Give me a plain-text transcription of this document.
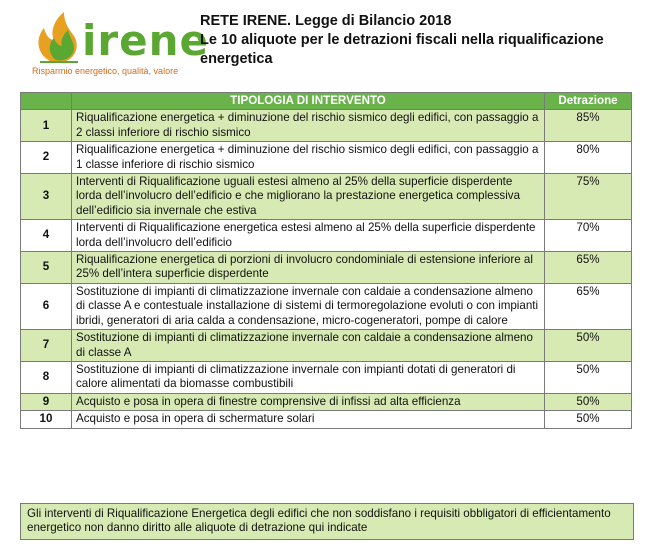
irene
Risparmio energetico, qualità, valore
RETE IRENE. Legge di Bilancio 2018
Le 10 aliquote per le detrazioni fiscali nella riqualificazione energetica
	TIPOLOGIA DI INTERVENTO	Detrazione
1	Riqualificazione energetica + diminuzione del rischio sismico degli edifici, con passaggio a 2 classi inferiore di rischio sismico	85%
2	Riqualificazione energetica + diminuzione del rischio sismico degli edifici, con passaggio a 1 classe inferiore di rischio sismico	80%
3	Interventi di Riqualificazione uguali estesi almeno al 25% della superficie disperdente lorda dell’involucro dell’edificio e che migliorano la prestazione energetica complessiva dell’edificio sia invernale che estiva	75%
4	Interventi di Riqualificazione energetica estesi almeno al 25% della superficie disperdente lorda dell’involucro dell’edificio	70%
5	Riqualificazione energetica di porzioni di involucro condominiale di estensione inferiore al 25% dell’intera superficie disperdente	65%
6	Sostituzione di impianti di climatizzazione invernale con caldaie a condensazione almeno di classe A e contestuale installazione di sistemi di termoregolazione evoluti o con impianti ibridi, generatori di aria calda a condensazione, micro-cogeneratori, pompe di calore	65%
7	Sostituzione di impianti di climatizzazione invernale con caldaie a condensazione almeno di classe A	50%
8	Sostituzione di impianti di climatizzazione invernale con impianti dotati di generatori di calore alimentati da biomasse combustibili	50%
9	Acquisto e posa in opera di finestre comprensive di infissi ad alta efficienza	50%
10	Acquisto e posa in opera di schermature solari	50%
Gli interventi di Riqualificazione Energetica degli edifici che non soddisfano i requisiti obbligatori di efficientamento energetico non danno diritto alle aliquote di detrazione qui indicate
